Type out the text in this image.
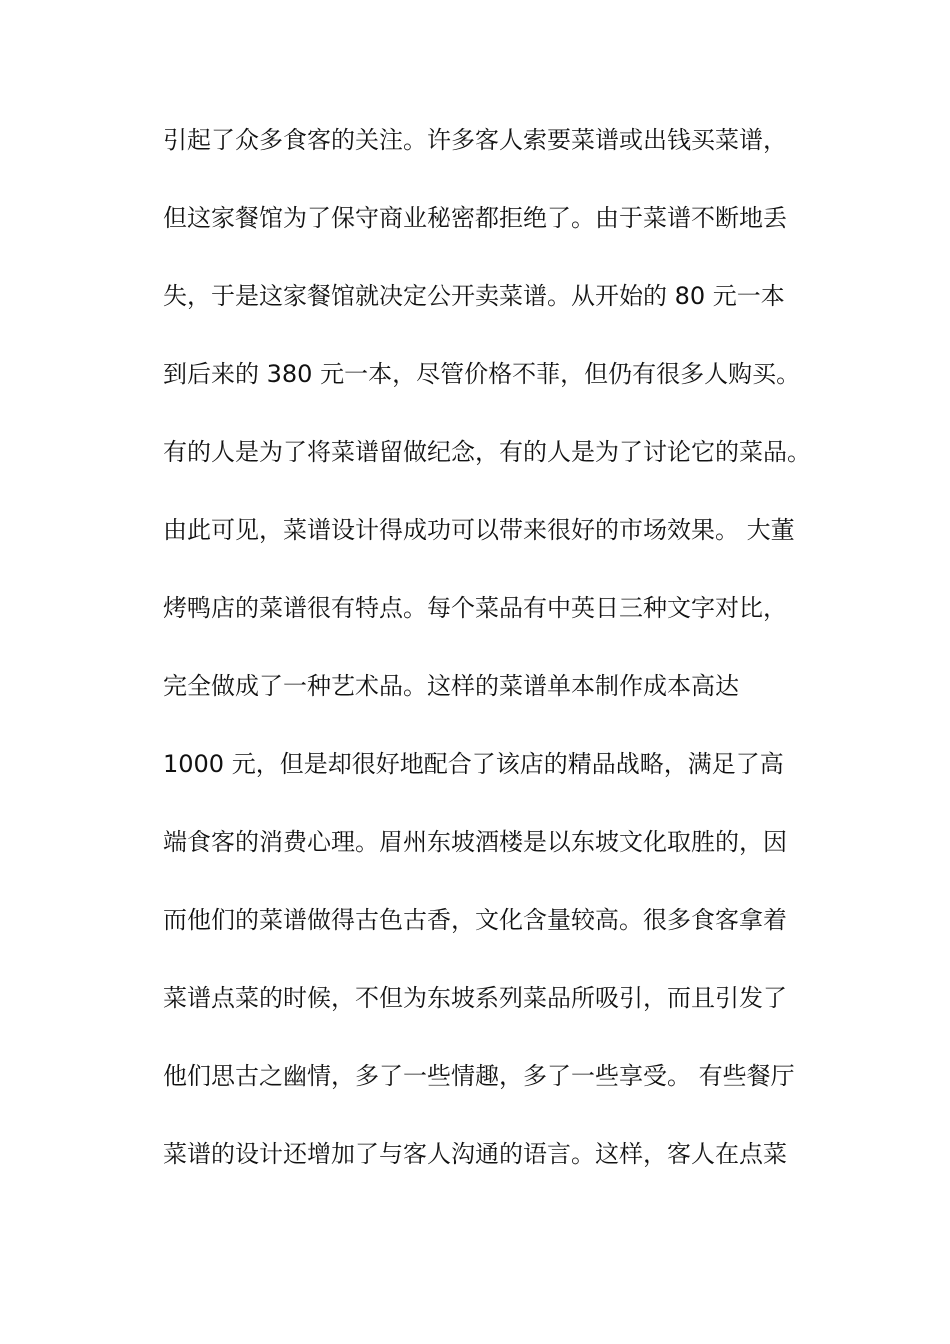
引起了众多食客的关注。许多客人索要菜谱或出钱买菜谱，
但这家餐馆为了保守商业秘密都拒绝了。由于菜谱不断地丢
失，于是这家餐馆就决定公开卖菜谱。从开始的 80 元一本
到后来的 380 元一本，尽管价格不菲，但仍有很多人购买。
有的人是为了将菜谱留做纪念，有的人是为了讨论它的菜品。
由此可见，菜谱设计得成功可以带来很好的市场效果。 大董
烤鸭店的菜谱很有特点。每个菜品有中英日三种文字对比，
完全做成了一种艺术品。这样的菜谱单本制作成本高达
1000 元，但是却很好地配合了该店的精品战略，满足了高
端食客的消费心理。眉州东坡酒楼是以东坡文化取胜的，因
而他们的菜谱做得古色古香，文化含量较高。很多食客拿着
菜谱点菜的时候，不但为东坡系列菜品所吸引，而且引发了
他们思古之幽情，多了一些情趣，多了一些享受。 有些餐厅
菜谱的设计还增加了与客人沟通的语言。这样，客人在点菜
